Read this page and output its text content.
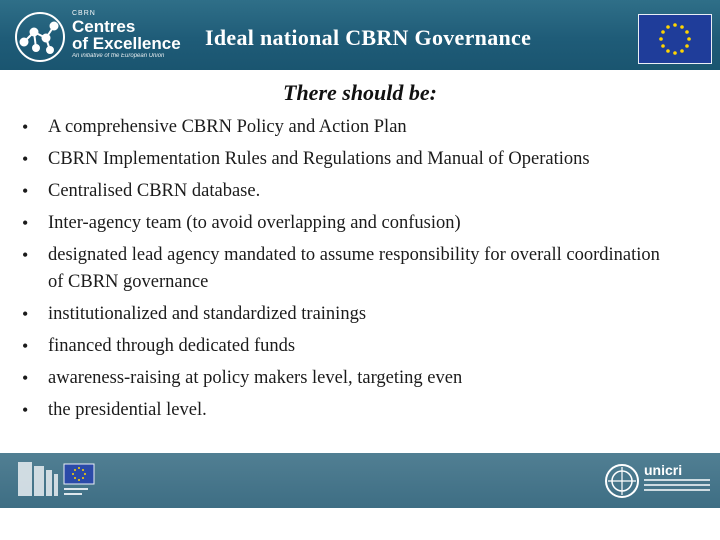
CBRN
Centres
of Excellence
An initiative of the European Union
Ideal national CBRN Governance
There should be:
• A comprehensive CBRN Policy and Action Plan
• CBRN Implementation Rules and Regulations and Manual of Operations
• Centralised CBRN database.
• Inter-agency team (to avoid overlapping and confusion)
• designated lead agency mandated to assume responsibility for overall coordination of CBRN governance
• institutionalized and standardized trainings
• financed through dedicated funds
• awareness-raising at policy makers level, targeting even
• the presidential level.
unicri
